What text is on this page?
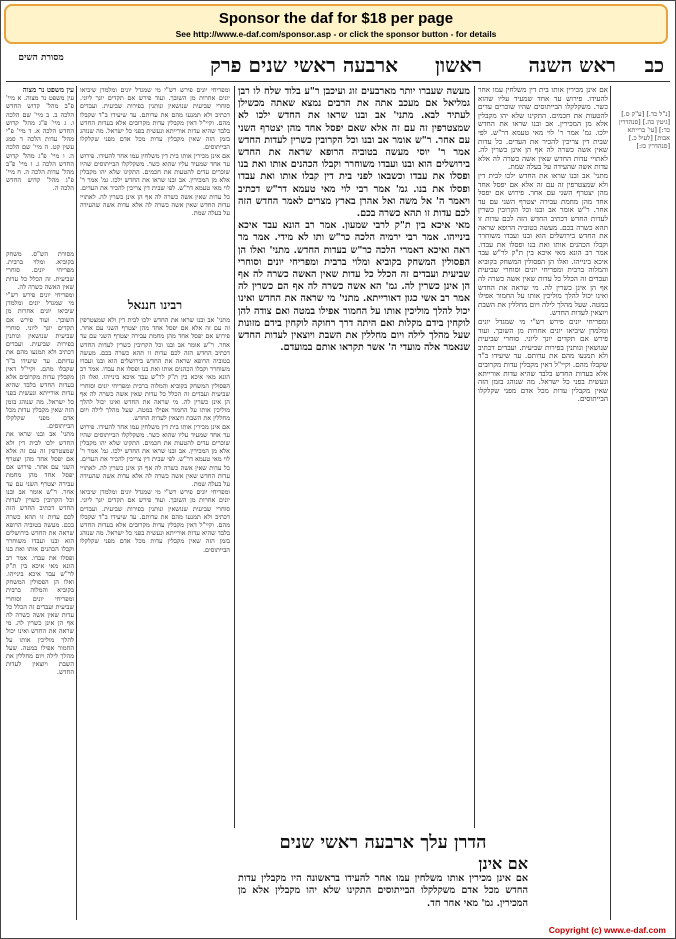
Sponsor the daf for $18 per page
See http://www.e-daf.com/sponsor.asp - or click the sponsor button - for details
כב
ראש השנה
ראשון
ארבעה ראשי שנים פרק
מסורת השים

עין משפט נר מצוה

עין משפט נר מצוה. א מיי' פ"ב מהל' קדוש החדש הלכה ב. ב מיי' שם הלכה ו. ג מיי' פ"ג מהל' קדוש החדש הלכה א. ד מיי' פ"י מהל' עדות הלכה ד סמג עשין קט. ה מיי' שם הלכה ה. ו מיי' פ"ג מהל' קדוש החדש הלכה ג. ז מיי' פ"ב מהל' עדות הלכה ה. ח מיי' פ"ג מהל' קדוש החדש הלכה ה.

מסורת הש"ס. משחק בקוביא. ומלוי ברבית. מפריחי יונים. סוחרי שביעית. זה הכלל כל עדות שאין האשה כשרה לה.

ומפריחי יונים פירש רש"י מי שמגדל יונים ומלמדן שיביאו יונים אחרות מן השובך. ועוד פירש אם תקדים יונך ליוני. סוחרי שביעית שנושאין ונותנין בפירות שביעית. ועבדים דכתיב ולא תמנעו מהם את עדותם. עד שיעידו ב"ד שקבלו מהם. וקיי"ל דאין מקבלין עדות מקרובים אלא בעדות החדש בלבד שהיא עדות אורייתא ונעשית בפני כל ישראל. מה שנוהג בזמן הזה שאין מקבלין עדות מכל אדם מפני שקלקלו הבייתוסים.

מתני' אב ובנו שראו את החדש ילכו לבית דין ולא שמצטרפין זה עם זה אלא אם יפסל אחד מהן יצטרף השני עם אחר. פירוש אם יפסל אחד מהן מחמת עבירה יצטרף השני עם עד אחר. ר"ש אומר אב ובנו וכל הקרובין כשרין לעדות החדש דכתיב החדש הזה לכם עדות זו תהא כשרה בכם. מעשה בטוביה הרופא שראה את החדש בירושלים הוא ובנו ועבדו משוחרר וקבלו הכהנים אותו ואת בנו ופסלו את עבדו. אמר רב הונא מאי איכא בין ת"ק לר"ש עבד איכא בינייהו. ואלו הן הפסולין המשחק בקוביא והמלוה ברבית ומפריחי יונים וסוחרי שביעית ועבדים זה הכלל כל עדות שאין אשה כשרה לה אף הן אינן כשרין לה. מי שראה את החדש ואינו יכול להלך מוליכין אותו על החמור אפילו במטה. שעל מהלך לילה ויום מחללין את השבת ויוצאין לעדות החדש.

ומפריחי יונים פירש רש"י מי שמגדל יונים ומלמדן שיביאו יונים אחרות מן השובך. ועוד פירש אם תקדים יונך ליוני. סוחרי שביעית שנושאין ונותנין בפירות שביעית. ועבדים דכתיב ולא תמנעו מהם את עדותם. עד שיעידו ב"ד שקבלו מהם. וקיי"ל דאין מקבלין עדות מקרובים אלא בעדות החדש בלבד שהיא עדות אורייתא ונעשית בפני כל ישראל. מה שנוהג בזמן הזה שאין מקבלין עדות מכל אדם מפני שקלקלו הבייתוסים.

אם אינן מכירין אותו בית דין משלחין עמו אחר להעידו. פירוש עד אחד שמעיד עליו שהוא כשר. משקלקלו הבייתוסים שהיו שוכרים עדים להטעות את חכמים. התקינו שלא יהו מקבלין אלא מן המכירין. אב ובנו שראו את החדש ילכו. גמ' אמר ר' לוי מאי טעמא דר"ש. לפי שבית דין צריכין להכיר את העדים. כל עדות שאין אשה כשרה לה אף הן אינן כשרין לה. לאתויי עדות החדש שאין אשה כשרה לה אלא עדות אשה שהעידה על בעלה שמת.

רבינו חננאל

מתני' אב ובנו שראו את החדש ילכו לבית דין ולא שמצטרפין זה עם זה אלא אם יפסל אחד מהן יצטרף השני עם אחר. פירוש אם יפסל אחד מהן מחמת עבירה יצטרף השני עם עד אחר. ר"ש אומר אב ובנו וכל הקרובין כשרין לעדות החדש דכתיב החדש הזה לכם עדות זו תהא כשרה בכם. מעשה בטוביה הרופא שראה את החדש בירושלים הוא ובנו ועבדו משוחרר וקבלו הכהנים אותו ואת בנו ופסלו את עבדו. אמר רב הונא מאי איכא בין ת"ק לר"ש עבד איכא בינייהו. ואלו הן הפסולין המשחק בקוביא והמלוה ברבית ומפריחי יונים וסוחרי שביעית ועבדים זה הכלל כל עדות שאין אשה כשרה לה אף הן אינן כשרין לה. מי שראה את החדש ואינו יכול להלך מוליכין אותו על החמור אפילו במטה. שעל מהלך לילה ויום מחללין את השבת ויוצאין לעדות החדש.

אם אינן מכירין אותו בית דין משלחין עמו אחר להעידו. פירוש עד אחד שמעיד עליו שהוא כשר. משקלקלו הבייתוסים שהיו שוכרים עדים להטעות את חכמים. התקינו שלא יהו מקבלין אלא מן המכירין. אב ובנו שראו את החדש ילכו. גמ' אמר ר' לוי מאי טעמא דר"ש. לפי שבית דין צריכין להכיר את העדים. כל עדות שאין אשה כשרה לה אף הן אינן כשרין לה. לאתויי עדות החדש שאין אשה כשרה לה אלא עדות אשה שהעידה על בעלה שמת.

ומפריחי יונים פירש רש"י מי שמגדל יונים ומלמדן שיביאו יונים אחרות מן השובך. ועוד פירש אם תקדים יונך ליוני. סוחרי שביעית שנושאין ונותנין בפירות שביעית. ועבדים דכתיב ולא תמנעו מהם את עדותם. עד שיעידו ב"ד שקבלו מהם. וקיי"ל דאין מקבלין עדות מקרובים אלא בעדות החדש בלבד שהיא עדות אורייתא ונעשית בפני כל ישראל. מה שנוהג בזמן הזה שאין מקבלין עדות מכל אדם מפני שקלקלו הבייתוסים.

מעשה שעברו יותר מארבעים זוג ועיכבן ר"ע בלוד שלח לו רבן גמליאל אם מעכב אתה את הרבים נמצא שאתה מכשילן לעתיד לבא. מתני' אב ובנו שראו את החדש ילכו לא שמצטרפין זה עם זה אלא שאם יפסל אחד מהן יצטרף השני עם אחר. ר"ש אומר אב ובנו וכל הקרובין כשרין לעדות החדש אמר ר' יוסי מעשה בטוביה הרופא שראה את החדש בירושלים הוא ובנו ועבדו משוחרר וקבלו הכהנים אותו ואת בנו ופסלו את עבדו וכשבאו לפני בית דין קבלו אותו ואת עבדו ופסלו את בנו. גמ' אמר רבי לוי מאי טעמא דר"ש דכתיב ויאמר ה' אל משה ואל אהרן בארץ מצרים לאמר החדש הזה לכם עדות זו תהא כשרה בכם.

מאי איכא בין ת"ק לרבי שמעון. אמר רב הונא עבד איכא בינייהו. אמר רבי ירמיה הלכה כר"ש ותו לא מידי. אמר מר ראה ואיכא דאמרי הלכה כר"ש בעדות החדש. מתני' ואלו הן הפסולין המשחק בקוביא ומלוי ברבית ומפריחי יונים וסוחרי שביעית ועבדים זה הכלל כל עדות שאין האשה כשרה לה אף הן אינן כשרין לה. גמ' הא אשה כשרה לה אף הם כשרין לה אמר רב אשי כגון דאורייתא. מתני' מי שראה את החדש ואינו יכול להלך מוליכין אותו על החמור אפילו במטה ואם צודה להן לוקחין בידם מקלות ואם היתה דרך רחוקה לוקחין בידם מזונות שעל מהלך לילה ויום מחללין את השבת ויוצאין לעדות החדש שנאמר אלה מועדי ה' אשר תקראו אותם במועדם.

הדרן עלך ארבעה ראשי שנים

אם אינן

אם אינן מכירין אותו משלחין עמו אחר להעידו בראשונה היו מקבלין עדות החדש מכל אדם משקלקלו הבייתוסים התקינו שלא יהו מקבלין אלא מן המכירין. גמ' מאי אחר חד.

אם אינן מכירין אותו בית דין משלחין עמו אחר להעידו. פירוש עד אחד שמעיד עליו שהוא כשר. משקלקלו הבייתוסים שהיו שוכרים עדים להטעות את חכמים. התקינו שלא יהו מקבלין אלא מן המכירין. אב ובנו שראו את החדש ילכו. גמ' אמר ר' לוי מאי טעמא דר"ש. לפי שבית דין צריכין להכיר את העדים. כל עדות שאין אשה כשרה לה אף הן אינן כשרין לה. לאתויי עדות החדש שאין אשה כשרה לה אלא עדות אשה שהעידה על בעלה שמת.

מתני' אב ובנו שראו את החדש ילכו לבית דין ולא שמצטרפין זה עם זה אלא אם יפסל אחד מהן יצטרף השני עם אחר. פירוש אם יפסל אחד מהן מחמת עבירה יצטרף השני עם עד אחר. ר"ש אומר אב ובנו וכל הקרובין כשרין לעדות החדש דכתיב החדש הזה לכם עדות זו תהא כשרה בכם. מעשה בטוביה הרופא שראה את החדש בירושלים הוא ובנו ועבדו משוחרר וקבלו הכהנים אותו ואת בנו ופסלו את עבדו. אמר רב הונא מאי איכא בין ת"ק לר"ש עבד איכא בינייהו. ואלו הן הפסולין המשחק בקוביא והמלוה ברבית ומפריחי יונים וסוחרי שביעית ועבדים זה הכלל כל עדות שאין אשה כשרה לה אף הן אינן כשרין לה. מי שראה את החדש ואינו יכול להלך מוליכין אותו על החמור אפילו במטה. שעל מהלך לילה ויום מחללין את השבת ויוצאין לעדות החדש.

ומפריחי יונים פירש רש"י מי שמגדל יונים ומלמדן שיביאו יונים אחרות מן השובך. ועוד פירש אם תקדים יונך ליוני. סוחרי שביעית שנושאין ונותנין בפירות שביעית. ועבדים דכתיב ולא תמנעו מהם את עדותם. עד שיעידו ב"ד שקבלו מהם. וקיי"ל דאין מקבלין עדות מקרובים אלא בעדות החדש בלבד שהיא עדות אורייתא ונעשית בפני כל ישראל. מה שנוהג בזמן הזה שאין מקבלין עדות מכל אדם מפני שקלקלו הבייתוסים.

[נ"ל כד.] [ע"ק ס.] [גיטין כה.] [סנהדרין כד:] [עי' ברייתא אבות] [לעיל כ.] [סנהדרין כז:]

Copyright (c) www.e-daf.com
